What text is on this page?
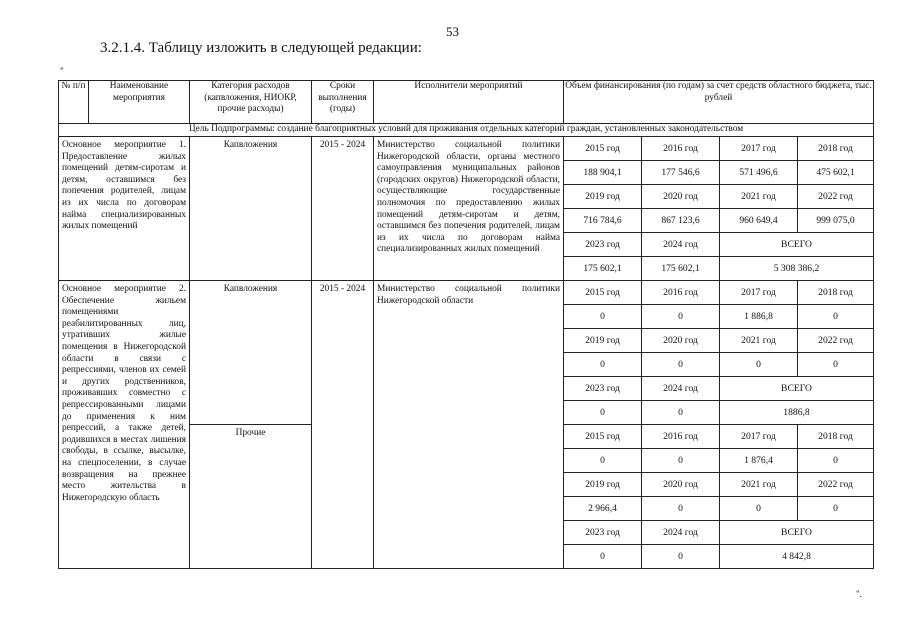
53
3.2.1.4. Таблицу изложить в следующей редакции:
"
№ п/п	Наименование мероприятия	Категория расходов (капвложения, НИОКР, прочие расходы)	Сроки выполнения (годы)	Исполнители мероприятий	Объем финансирования (по годам) за счет средств областного бюджета, тыс. рублей			
Цель Подпрограммы: создание благоприятных условий для проживания отдельных категорий граждан, установленных законодательством								
Основное мероприятие 1. Предоставление жилых помещений детям-сиротам и детям, оставшимся без попечения родителей, лицам из их числа по договорам найма специализированных жилых помещений		Капвложения	2015 - 2024	Министерство социальной политики Нижегородской области, органы местного самоуправления муниципальных районов (городских округов) Нижегородской области, осуществляющие государственные полномочия по предоставлению жилых помещений детям-сиротам и детям, оставшимся без попечения родителей, лицам из их числа по договорам найма специализированных жилых помещений	2015 год	2016 год	2017 год	2018 год
					188 904,1	177 546,6	571 496,6	475 602,1
					2019 год	2020 год	2021 год	2022 год
					716 784,6	867 123,6	960 649,4	999 075,0
					2023 год	2024 год	ВСЕГО	
					175 602,1	175 602,1	5 308 386,2	
Основное мероприятие 2. Обеспечение жильем помещениями реабилитированных лиц, утративших жилые помещения в Нижегородской области в связи с репрессиями, членов их семей и других родственников, проживавших совместно с репрессированными лицами до применения к ним репрессий, а также детей, родившихся в местах лишения свободы, в ссылке, высылке, на спецпоселении, в случае возвращения на прежнее место жительства в Нижегородскую область		Капвложения	2015 - 2024	Министерство социальной политики Нижегородской области	2015 год	2016 год	2017 год	2018 год
					0	0	1 886,8	0
					2019 год	2020 год	2021 год	2022 год
					0	0	0	0
					2023 год	2024 год	ВСЕГО	
					0	0	1886,8	
		Прочие			2015 год	2016 год	2017 год	2018 год
					0	0	1 876,4	0
					2019 год	2020 год	2021 год	2022 год
					2 966,4	0	0	0
					2023 год	2024 год	ВСЕГО	
					0	0	4 842,8	
".
